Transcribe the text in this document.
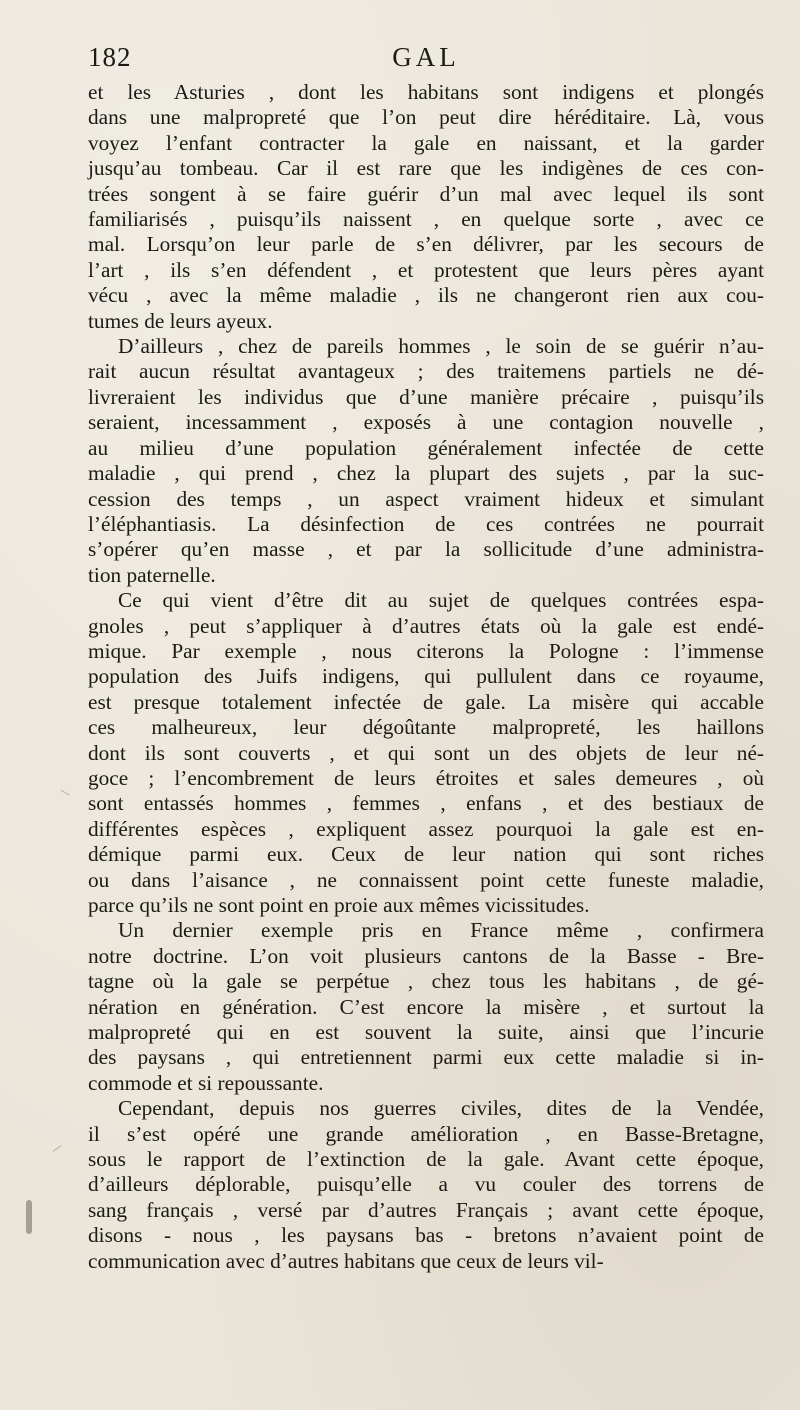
182	GAL

et les Asturies , dont les habitans sont indigens et plongés
dans une malpropreté que l’on peut dire héréditaire. Là, vous
voyez l’enfant contracter la gale en naissant, et la garder
jusqu’au tombeau. Car il est rare que les indigènes de ces con-
trées songent à se faire guérir d’un mal avec lequel ils sont
familiarisés , puisqu’ils naissent , en quelque sorte , avec ce
mal. Lorsqu’on leur parle de s’en délivrer, par les secours de
l’art , ils s’en défendent , et protestent que leurs pères ayant
vécu , avec la même maladie , ils ne changeront rien aux cou-
tumes de leurs ayeux.

D’ailleurs , chez de pareils hommes , le soin de se guérir n’au-
rait aucun résultat avantageux ; des traitemens partiels ne dé-
livreraient les individus que d’une manière précaire , puisqu’ils
seraient, incessamment , exposés à une contagion nouvelle ,
au milieu d’une population généralement infectée de cette
maladie , qui prend , chez la plupart des sujets , par la suc-
cession des temps , un aspect vraiment hideux et simulant
l’éléphantiasis. La désinfection de ces contrées ne pourrait
s’opérer qu’en masse , et par la sollicitude d’une administra-
tion paternelle.

Ce qui vient d’être dit au sujet de quelques contrées espa-
gnoles , peut s’appliquer à d’autres états où la gale est endé-
mique. Par exemple , nous citerons la Pologne : l’immense
population des Juifs indigens, qui pullulent dans ce royaume,
est presque totalement infectée de gale. La misère qui accable
ces malheureux, leur dégoûtante malpropreté, les haillons
dont ils sont couverts , et qui sont un des objets de leur né-
goce ; l’encombrement de leurs étroites et sales demeures , où
sont entassés hommes , femmes , enfans , et des bestiaux de
différentes espèces , expliquent assez pourquoi la gale est en-
démique parmi eux. Ceux de leur nation qui sont riches
ou dans l’aisance , ne connaissent point cette funeste maladie,
parce qu’ils ne sont point en proie aux mêmes vicissitudes.

Un dernier exemple pris en France même , confirmera
notre doctrine. L’on voit plusieurs cantons de la Basse - Bre-
tagne où la gale se perpétue , chez tous les habitans , de gé-
nération en génération. C’est encore la misère , et surtout la
malpropreté qui en est souvent la suite, ainsi que l’incurie
des paysans , qui entretiennent parmi eux cette maladie si in-
commode et si repoussante.

Cependant, depuis nos guerres civiles, dites de la Vendée,
il s’est opéré une grande amélioration , en Basse-Bretagne,
sous le rapport de l’extinction de la gale. Avant cette époque,
d’ailleurs déplorable, puisqu’elle a vu couler des torrens de
sang français , versé par d’autres Français ; avant cette époque,
disons - nous , les paysans bas - bretons n’avaient point de
communication avec d’autres habitans que ceux de leurs vil-
